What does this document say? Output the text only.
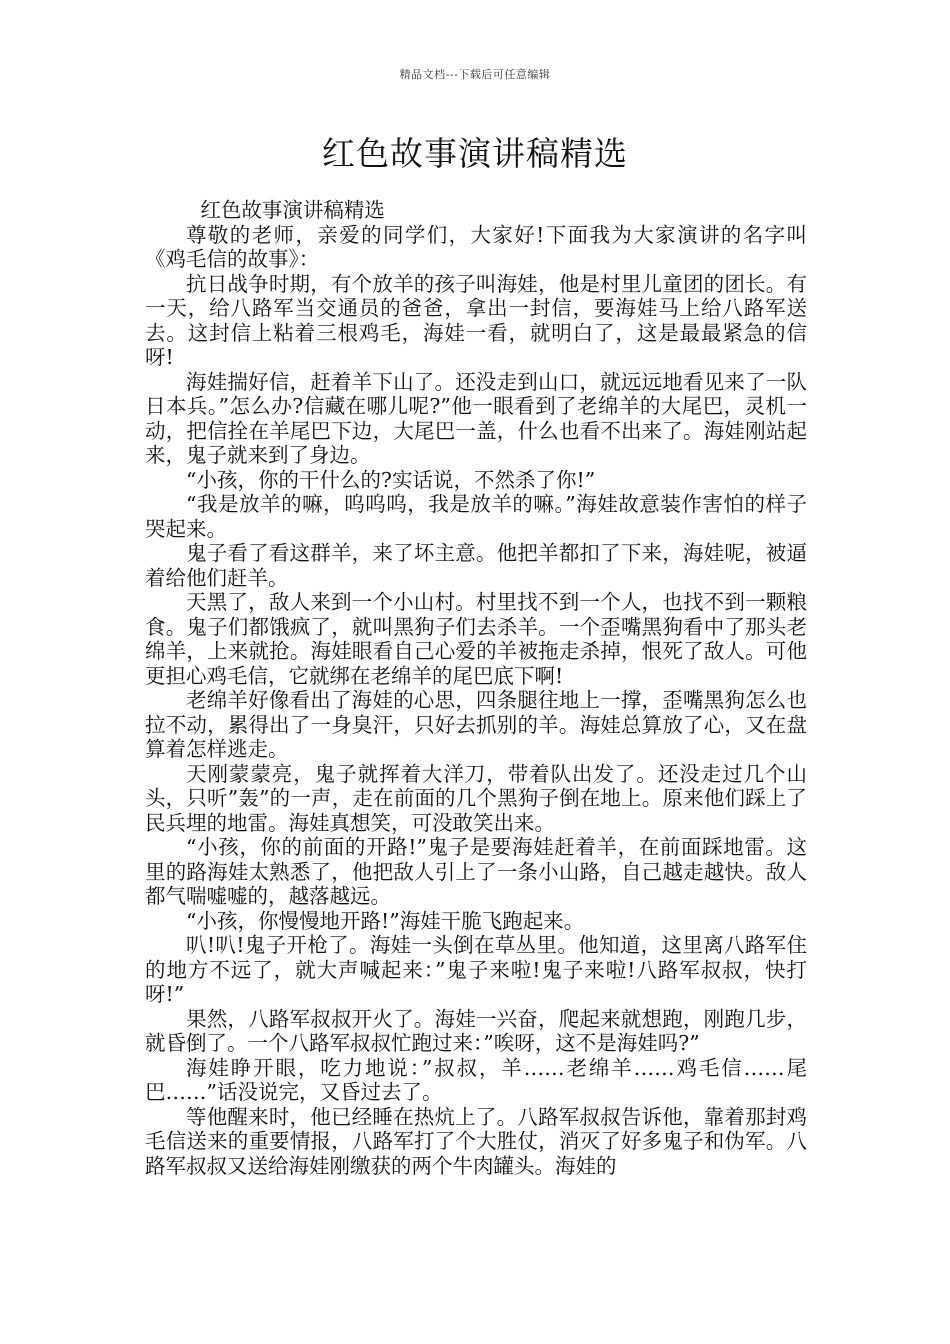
精品文档---下载后可任意编辑
红色故事演讲稿精选

红色故事演讲稿精选

尊敬的老师，亲爱的同学们，大家好!下面我为大家演讲的名字叫《鸡毛信的故事》：

抗日战争时期，有个放羊的孩子叫海娃，他是村里儿童团的团长。有一天，给八路军当交通员的爸爸，拿出一封信，要海娃马上给八路军送去。这封信上粘着三根鸡毛，海娃一看，就明白了，这是最最紧急的信呀!

海娃揣好信，赶着羊下山了。还没走到山口，就远远地看见来了一队日本兵。”怎么办?信藏在哪儿呢?”他一眼看到了老绵羊的大尾巴，灵机一动，把信拴在羊尾巴下边，大尾巴一盖，什么也看不出来了。海娃刚站起来，鬼子就来到了身边。

“小孩，你的干什么的?实话说，不然杀了你!”

“我是放羊的嘛，呜呜呜，我是放羊的嘛。”海娃故意装作害怕的样子哭起来。

鬼子看了看这群羊，来了坏主意。他把羊都扣了下来，海娃呢，被逼着给他们赶羊。

天黑了，敌人来到一个小山村。村里找不到一个人，也找不到一颗粮食。鬼子们都饿疯了，就叫黑狗子们去杀羊。一个歪嘴黑狗看中了那头老绵羊，上来就抢。海娃眼看自己心爱的羊被拖走杀掉，恨死了敌人。可他更担心鸡毛信，它就绑在老绵羊的尾巴底下啊!

老绵羊好像看出了海娃的心思，四条腿往地上一撑，歪嘴黑狗怎么也拉不动，累得出了一身臭汗，只好去抓别的羊。海娃总算放了心，又在盘算着怎样逃走。

天刚蒙蒙亮，鬼子就挥着大洋刀，带着队出发了。还没走过几个山头，只听”轰”的一声，走在前面的几个黑狗子倒在地上。原来他们踩上了民兵埋的地雷。海娃真想笑，可没敢笑出来。

“小孩，你的前面的开路!”鬼子是要海娃赶着羊，在前面踩地雷。这里的路海娃太熟悉了，他把敌人引上了一条小山路，自己越走越快。敌人都气喘嘘嘘的，越落越远。

“小孩，你慢慢地开路!”海娃干脆飞跑起来。

叭!叭!鬼子开枪了。海娃一头倒在草丛里。他知道，这里离八路军住的地方不远了，就大声喊起来：”鬼子来啦!鬼子来啦!八路军叔叔，快打呀!”

果然，八路军叔叔开火了。海娃一兴奋，爬起来就想跑，刚跑几步，就昏倒了。一个八路军叔叔忙跑过来：”唉呀，这不是海娃吗?”

海娃睁开眼，吃力地说：”叔叔，羊……老绵羊……鸡毛信……尾巴……”话没说完，又昏过去了。

等他醒来时，他已经睡在热炕上了。八路军叔叔告诉他，靠着那封鸡毛信送来的重要情报，八路军打了个大胜仗，消灭了好多鬼子和伪军。八路军叔叔又送给海娃刚缴获的两个牛肉罐头。海娃的
